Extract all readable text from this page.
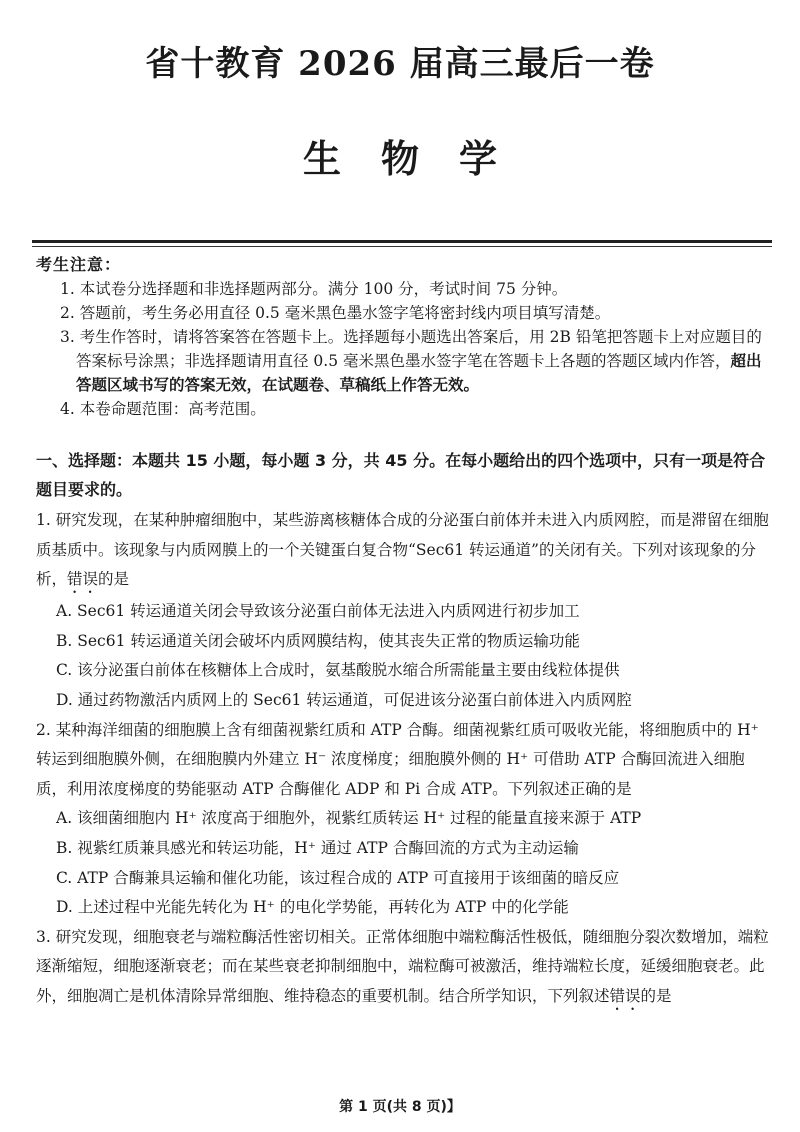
省十教育 2026 届高三最后一卷
生物学
考生注意：
1. 本试卷分选择题和非选择题两部分。满分 100 分，考试时间 75 分钟。
2. 答题前，考生务必用直径 0.5 毫米黑色墨水签字笔将密封线内项目填写清楚。
3. 考生作答时，请将答案答在答题卡上。选择题每小题选出答案后，用 2B 铅笔把答题卡上对应题目的答案标号涂黑；非选择题请用直径 0.5 毫米黑色墨水签字笔在答题卡上各题的答题区域内作答，超出答题区域书写的答案无效，在试题卷、草稿纸上作答无效。
4. 本卷命题范围：高考范围。
一、选择题：本题共 15 小题，每小题 3 分，共 45 分。在每小题给出的四个选项中，只有一项是符合题目要求的。
1. 研究发现，在某种肿瘤细胞中，某些游离核糖体合成的分泌蛋白前体并未进入内质网腔，而是滞留在细胞质基质中。该现象与内质网膜上的一个关键蛋白复合物“Sec61 转运通道”的关闭有关。下列对该现象的分析，错误的是
A. Sec61 转运通道关闭会导致该分泌蛋白前体无法进入内质网进行初步加工
B. Sec61 转运通道关闭会破坏内质网膜结构，使其丧失正常的物质运输功能
C. 该分泌蛋白前体在核糖体上合成时，氨基酸脱水缩合所需能量主要由线粒体提供
D. 通过药物激活内质网上的 Sec61 转运通道，可促进该分泌蛋白前体进入内质网腔
2. 某种海洋细菌的细胞膜上含有细菌视紫红质和 ATP 合酶。细菌视紫红质可吸收光能，将细胞质中的 H⁺ 转运到细胞膜外侧，在细胞膜内外建立 H⁻ 浓度梯度；细胞膜外侧的 H⁺ 可借助 ATP 合酶回流进入细胞质，利用浓度梯度的势能驱动 ATP 合酶催化 ADP 和 Pi 合成 ATP。下列叙述正确的是
A. 该细菌细胞内 H⁺ 浓度高于细胞外，视紫红质转运 H⁺ 过程的能量直接来源于 ATP
B. 视紫红质兼具感光和转运功能，H⁺ 通过 ATP 合酶回流的方式为主动运输
C. ATP 合酶兼具运输和催化功能，该过程合成的 ATP 可直接用于该细菌的暗反应
D. 上述过程中光能先转化为 H⁺ 的电化学势能，再转化为 ATP 中的化学能
3. 研究发现，细胞衰老与端粒酶活性密切相关。正常体细胞中端粒酶活性极低，随细胞分裂次数增加，端粒逐渐缩短，细胞逐渐衰老；而在某些衰老抑制细胞中，端粒酶可被激活，维持端粒长度，延缓细胞衰老。此外，细胞凋亡是机体清除异常细胞、维持稳态的重要机制。结合所学知识，下列叙述错误的是
第 1 页(共 8 页)】
